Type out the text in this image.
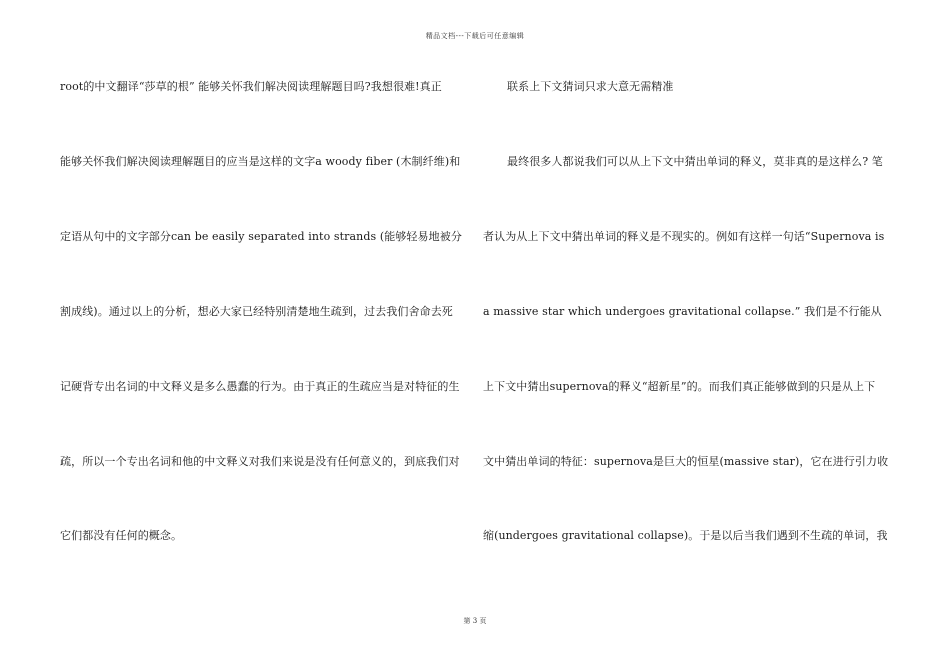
精品文档---下载后可任意编辑
root的中文翻译“莎草的根” 能够关怀我们解决阅读理解题目吗?我想很难!真正
能够关怀我们解决阅读理解题目的应当是这样的文字a woody fiber (木制纤维)和
定语从句中的文字部分can be easily separated into strands (能够轻易地被分
割成线)。通过以上的分析，想必大家已经特别清楚地生疏到，过去我们舍命去死
记硬背专出名词的中文释义是多么愚蠢的行为。由于真正的生疏应当是对特征的生
疏，所以一个专出名词和他的中文释义对我们来说是没有任何意义的，到底我们对
它们都没有任何的概念。
联系上下文猜词只求大意无需精准
最终很多人都说我们可以从上下文中猜出单词的释义，莫非真的是这样么? 笔
者认为从上下文中猜出单词的释义是不现实的。例如有这样一句话“Supernova is
a massive star which undergoes gravitational collapse.” 我们是不行能从
上下文中猜出supernova的释义“超新星”的。而我们真正能够做到的只是从上下
文中猜出单词的特征：supernova是巨大的恒星(massive star)，它在进行引力收
缩(undergoes gravitational collapse)。于是以后当我们遇到不生疏的单词，我
第 3 页
